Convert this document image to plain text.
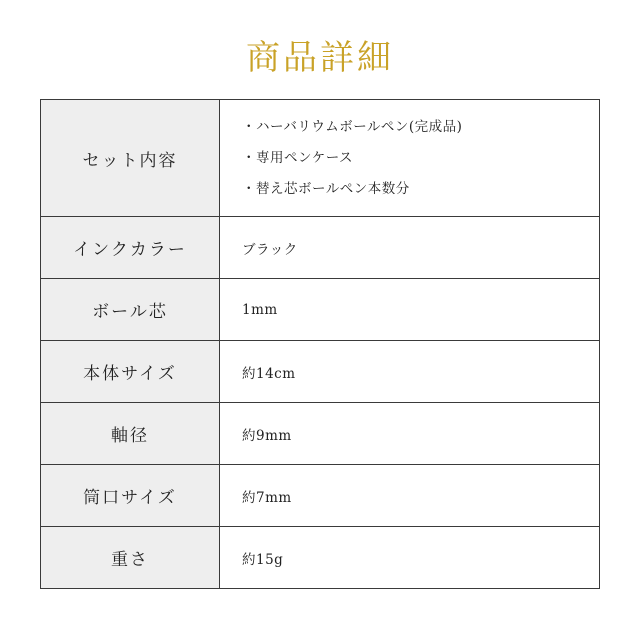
商品詳細
セット内容	・ハーバリウムボールペン(完成品)
・専用ペンケース
・替え芯ボールペン本数分

インクカラー	ブラック
ボール芯	1mm
本体サイズ	約14cm
軸径	約9mm
筒口サイズ	約7mm
重さ	約15g
